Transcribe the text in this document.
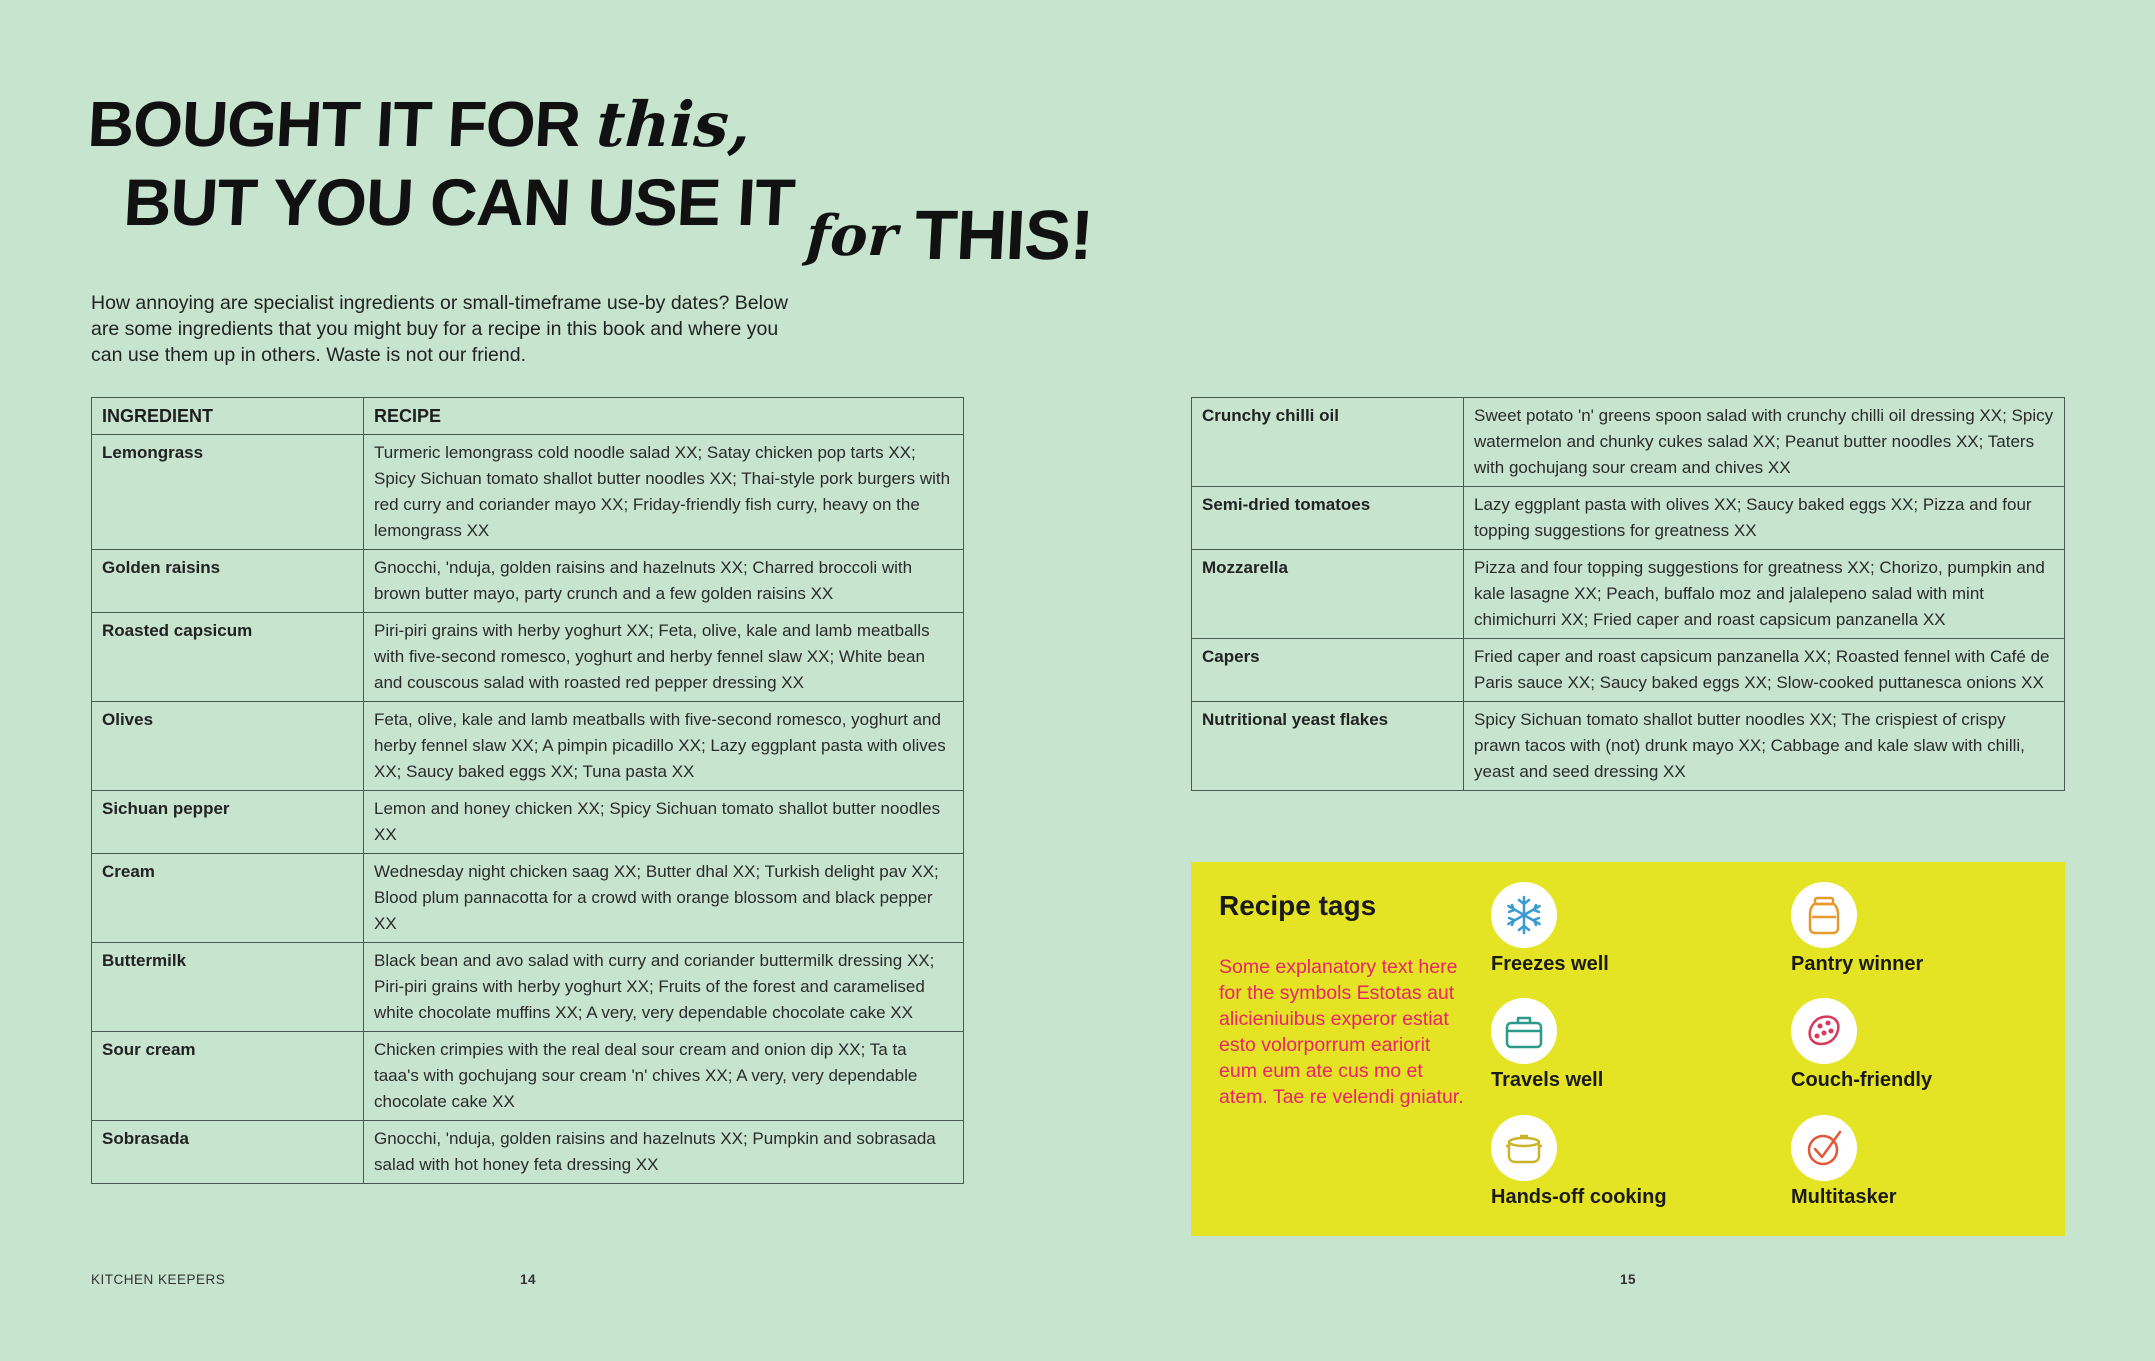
BOUGHT IT FOR this,
BUT YOU CAN USE IT $_{for}$ THIS!

How annoying are specialist ingredients or small-timeframe use-by dates? Below are some ingredients that you might buy for a recipe in this book and where you can use them up in others. Waste is not our friend.

INGREDIENT	RECIPE
Lemongrass	Turmeric lemongrass cold noodle salad XX; Satay chicken pop tarts XX; Spicy Sichuan tomato shallot butter noodles XX; Thai-style pork burgers with red curry and coriander mayo XX; Friday-friendly fish curry, heavy on the lemongrass XX
Golden raisins	Gnocchi, 'nduja, golden raisins and hazelnuts XX; Charred broccoli with brown butter mayo, party crunch and a few golden raisins XX
Roasted capsicum	Piri-piri grains with herby yoghurt XX; Feta, olive, kale and lamb meatballs with five-second romesco, yoghurt and herby fennel slaw XX; White bean and couscous salad with roasted red pepper dressing XX
Olives	Feta, olive, kale and lamb meatballs with five-second romesco, yoghurt and herby fennel slaw XX; A pimpin picadillo XX; Lazy eggplant pasta with olives XX; Saucy baked eggs XX; Tuna pasta XX
Sichuan pepper	Lemon and honey chicken XX; Spicy Sichuan tomato shallot butter noodles XX
Cream	Wednesday night chicken saag XX; Butter dhal XX; Turkish delight pav XX; Blood plum pannacotta for a crowd with orange blossom and black pepper XX
Buttermilk	Black bean and avo salad with curry and coriander buttermilk dressing XX; Piri-piri grains with herby yoghurt XX; Fruits of the forest and caramelised white chocolate muffins XX; A very, very dependable chocolate cake XX
Sour cream	Chicken crimpies with the real deal sour cream and onion dip XX; Ta ta taaa's with gochujang sour cream 'n' chives XX; A very, very dependable chocolate cake XX
Sobrasada	Gnocchi, 'nduja, golden raisins and hazelnuts XX; Pumpkin and sobrasada salad with hot honey feta dressing XX
Crunchy chilli oil	Sweet potato 'n' greens spoon salad with crunchy chilli oil dressing XX; Spicy watermelon and chunky cukes salad XX; Peanut butter noodles XX; Taters with gochujang sour cream and chives XX
Semi-dried tomatoes	Lazy eggplant pasta with olives XX; Saucy baked eggs XX; Pizza and four topping suggestions for greatness XX
Mozzarella	Pizza and four topping suggestions for greatness XX; Chorizo, pumpkin and kale lasagne XX; Peach, buffalo moz and jalalepeno salad with mint chimichurri XX; Fried caper and roast capsicum panzanella XX
Capers	Fried caper and roast capsicum panzanella XX; Roasted fennel with Café de Paris sauce XX; Saucy baked eggs XX; Slow-cooked puttanesca onions XX
Nutritional yeast flakes	Spicy Sichuan tomato shallot butter noodles XX; The crispiest of crispy prawn tacos with (not) drunk mayo XX; Cabbage and kale slaw with chilli, yeast and seed dressing XX
Recipe tags
Some explanatory text here for the symbols Estotas aut alicieniuibus experor estiat esto volorporrum eariorit eum eum ate cus mo et atem. Tae re velendi gniatur.
Freezes well	Pantry winner
Travels well	Couch-friendly
Hands-off cooking	Multitasker
KITCHEN KEEPERS	14	15
